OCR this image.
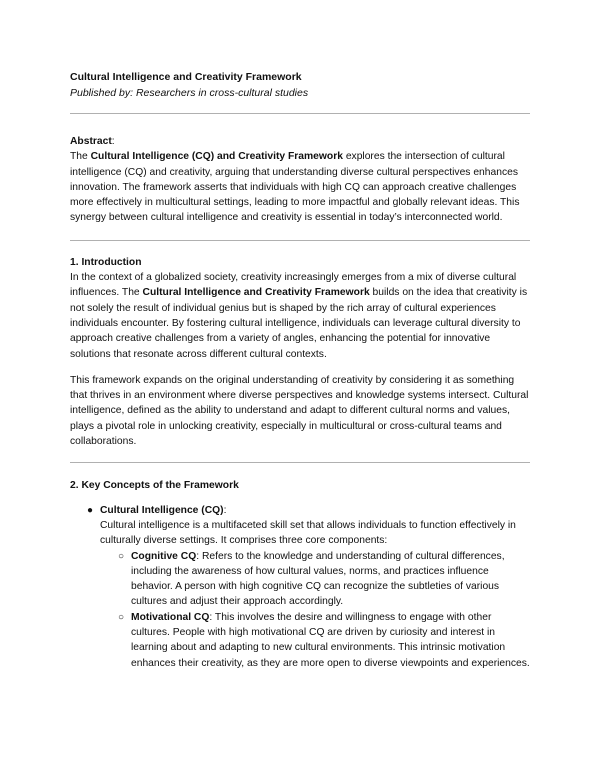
Cultural Intelligence and Creativity Framework

Published by: Researchers in cross-cultural studies

Abstract:
The Cultural Intelligence (CQ) and Creativity Framework explores the intersection of cultural intelligence (CQ) and creativity, arguing that understanding diverse cultural perspectives enhances innovation. The framework asserts that individuals with high CQ can approach creative challenges more effectively in multicultural settings, leading to more impactful and globally relevant ideas. This synergy between cultural intelligence and creativity is essential in today’s interconnected world.

1. Introduction
In the context of a globalized society, creativity increasingly emerges from a mix of diverse cultural influences. The Cultural Intelligence and Creativity Framework builds on the idea that creativity is not solely the result of individual genius but is shaped by the rich array of cultural experiences individuals encounter. By fostering cultural intelligence, individuals can leverage cultural diversity to approach creative challenges from a variety of angles, enhancing the potential for innovative solutions that resonate across different cultural contexts.

This framework expands on the original understanding of creativity by considering it as something that thrives in an environment where diverse perspectives and knowledge systems intersect. Cultural intelligence, defined as the ability to understand and adapt to different cultural norms and values, plays a pivotal role in unlocking creativity, especially in multicultural or cross-cultural teams and collaborations.

2. Key Concepts of the Framework

● Cultural Intelligence (CQ):
Cultural intelligence is a multifaceted skill set that allows individuals to function effectively in culturally diverse settings. It comprises three core components:
○ Cognitive CQ: Refers to the knowledge and understanding of cultural differences, including the awareness of how cultural values, norms, and practices influence behavior. A person with high cognitive CQ can recognize the subtleties of various cultures and adjust their approach accordingly.
○ Motivational CQ: This involves the desire and willingness to engage with other cultures. People with high motivational CQ are driven by curiosity and interest in learning about and adapting to new cultural environments. This intrinsic motivation enhances their creativity, as they are more open to diverse viewpoints and experiences.
